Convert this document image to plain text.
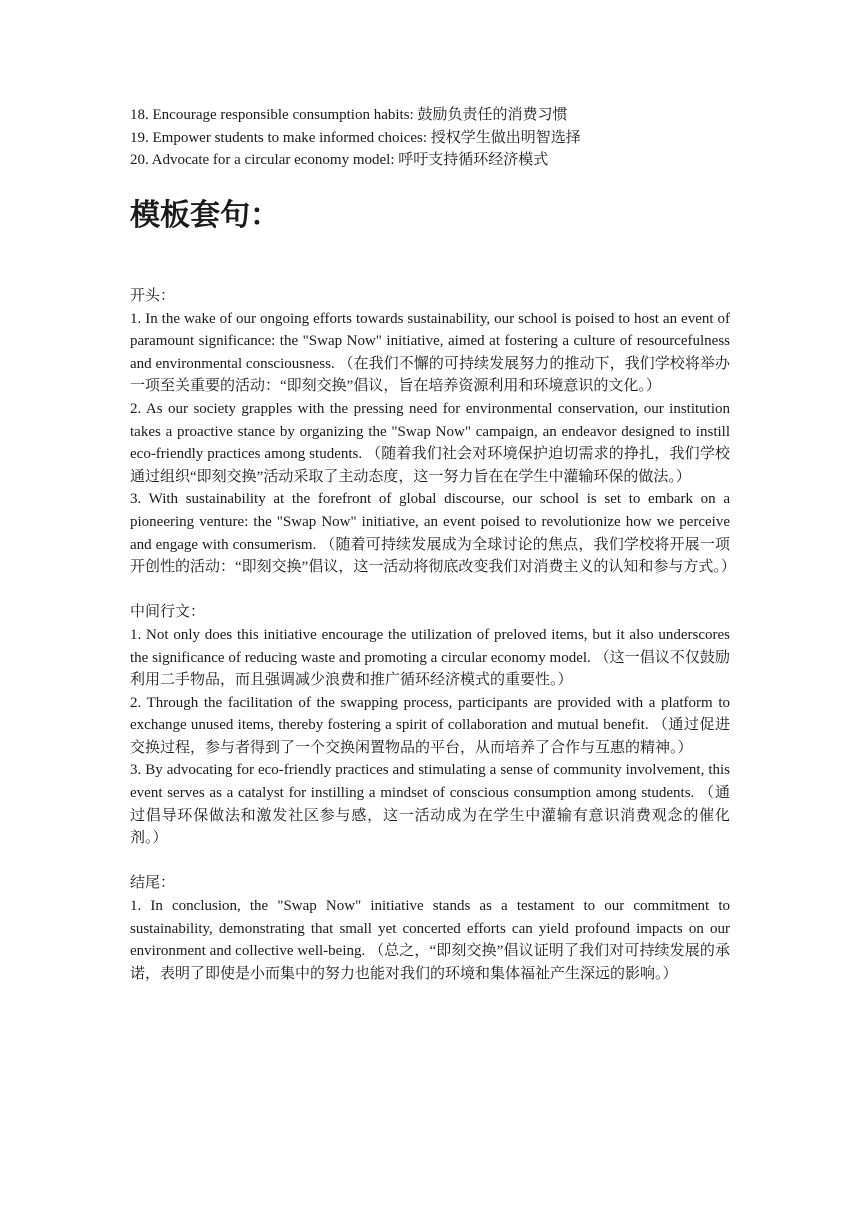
18. Encourage responsible consumption habits: 鼓励负责任的消费习惯
19. Empower students to make informed choices: 授权学生做出明智选择
20. Advocate for a circular economy model: 呼吁支持循环经济模式
模板套句：

开头：

1. In the wake of our ongoing efforts towards sustainability, our school is poised to host an event of paramount significance: the "Swap Now" initiative, aimed at fostering a culture of resourcefulness and environmental consciousness. （在我们不懈的可持续发展努力的推动下，我们学校将举办一项至关重要的活动：“即刻交换”倡议，旨在培养资源利用和环境意识的文化。）

2. As our society grapples with the pressing need for environmental conservation, our institution takes a proactive stance by organizing the "Swap Now" campaign, an endeavor designed to instill eco-friendly practices among students. （随着我们社会对环境保护迫切需求的挣扎，我们学校通过组织“即刻交换”活动采取了主动态度，这一努力旨在在学生中灌输环保的做法。）

3. With sustainability at the forefront of global discourse, our school is set to embark on a pioneering venture: the "Swap Now" initiative, an event poised to revolutionize how we perceive and engage with consumerism. （随着可持续发展成为全球讨论的焦点，我们学校将开展一项开创性的活动：“即刻交换”倡议，这一活动将彻底改变我们对消费主义的认知和参与方式。）

中间行文：

1. Not only does this initiative encourage the utilization of preloved items, but it also underscores the significance of reducing waste and promoting a circular economy model. （这一倡议不仅鼓励利用二手物品，而且强调减少浪费和推广循环经济模式的重要性。）

2. Through the facilitation of the swapping process, participants are provided with a platform to exchange unused items, thereby fostering a spirit of collaboration and mutual benefit. （通过促进交换过程，参与者得到了一个交换闲置物品的平台，从而培养了合作与互惠的精神。）

3. By advocating for eco-friendly practices and stimulating a sense of community involvement, this event serves as a catalyst for instilling a mindset of conscious consumption among students. （通过倡导环保做法和激发社区参与感，这一活动成为在学生中灌输有意识消费观念的催化剂。）

结尾：

1. In conclusion, the "Swap Now" initiative stands as a testament to our commitment to sustainability, demonstrating that small yet concerted efforts can yield profound impacts on our environment and collective well-being. （总之，“即刻交换”倡议证明了我们对可持续发展的承诺，表明了即使是小而集中的努力也能对我们的环境和集体福祉产生深远的影响。）
